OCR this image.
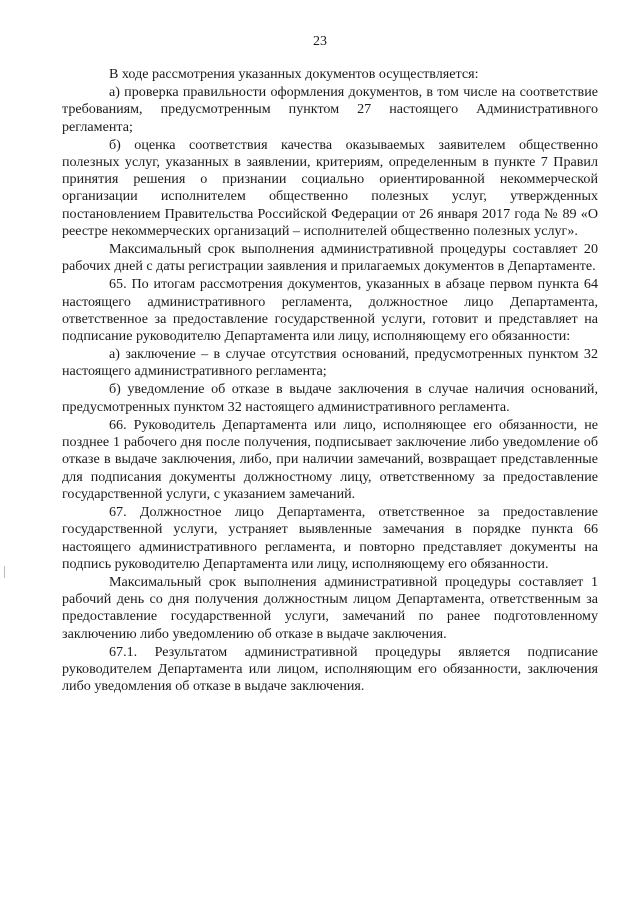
23

В ходе рассмотрения указанных документов осуществляется:

а) проверка правильности оформления документов, в том числе на соответствие требованиям, предусмотренным пунктом 27 настоящего Административного регламента;

б) оценка соответствия качества оказываемых заявителем общественно полезных услуг, указанных в заявлении, критериям, определенным в пункте 7 Правил принятия решения о признании социально ориентированной некоммерческой организации исполнителем общественно полезных услуг, утвержденных постановлением Правительства Российской Федерации от 26 января 2017 года № 89 «О реестре некоммерческих организаций – исполнителей общественно полезных услуг».

Максимальный срок выполнения административной процедуры составляет 20 рабочих дней с даты регистрации заявления и прилагаемых документов в Департаменте.

65. По итогам рассмотрения документов, указанных в абзаце первом пункта 64 настоящего административного регламента, должностное лицо Департамента, ответственное за предоставление государственной услуги, готовит и представляет на подписание руководителю Департамента или лицу, исполняющему его обязанности:

а) заключение – в случае отсутствия оснований, предусмотренных пунктом 32 настоящего административного регламента;

б) уведомление об отказе в выдаче заключения в случае наличия оснований, предусмотренных пунктом 32 настоящего административного регламента.

66. Руководитель Департамента или лицо, исполняющее его обязанности, не позднее 1 рабочего дня после получения, подписывает заключение либо уведомление об отказе в выдаче заключения, либо, при наличии замечаний, возвращает представленные для подписания документы должностному лицу, ответственному за предоставление государственной услуги, с указанием замечаний.

67. Должностное лицо Департамента, ответственное за предоставление государственной услуги, устраняет выявленные замечания в порядке пункта 66 настоящего административного регламента, и повторно представляет документы на подпись руководителю Департамента или лицу, исполняющему его обязанности.

Максимальный срок выполнения административной процедуры составляет 1 рабочий день со дня получения должностным лицом Департамента, ответственным за предоставление государственной услуги, замечаний по ранее подготовленному заключению либо уведомлению об отказе в выдаче заключения.

67.1. Результатом административной процедуры является подписание руководителем Департамента или лицом, исполняющим его обязанности, заключения либо уведомления об отказе в выдаче заключения.
